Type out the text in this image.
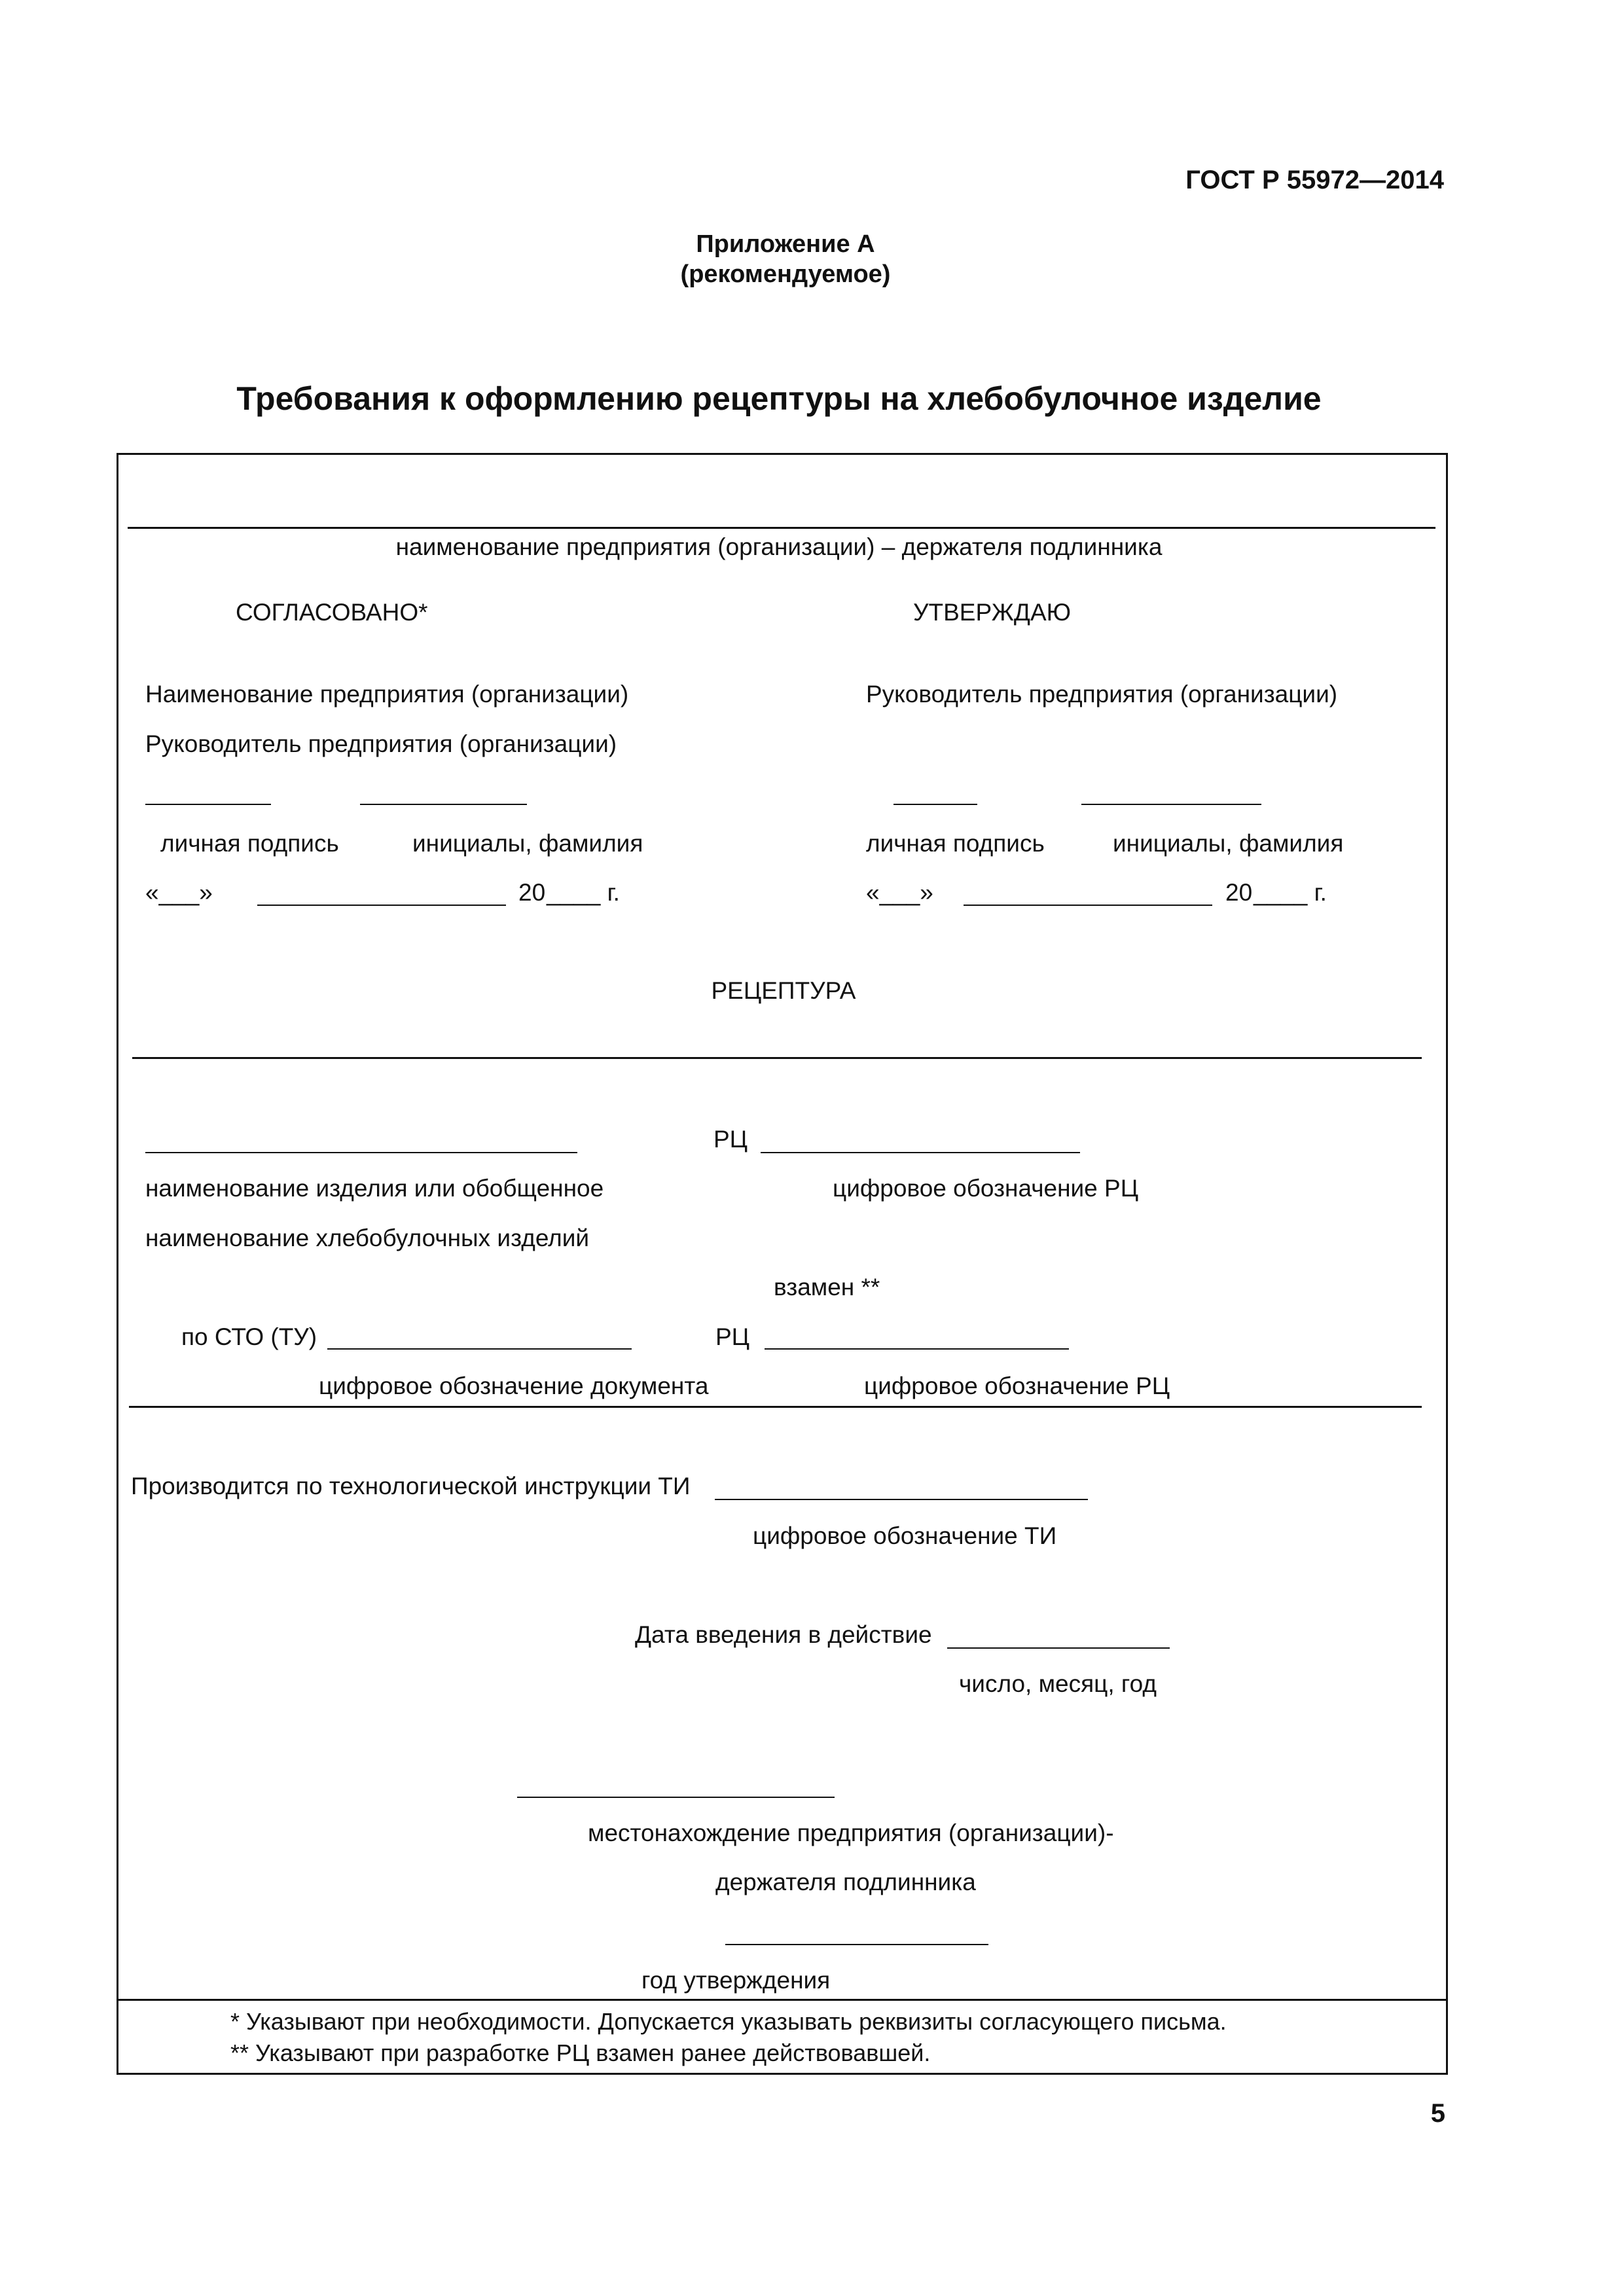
ГОСТ Р 55972—2014
Приложение А
(рекомендуемое)
Требования к оформлению рецептуры на хлебобулочное изделие
наименование предприятия (организации) – держателя подлинника
СОГЛАСОВАНО*
Наименование предприятия (организации)
Руководитель предприятия (организации)
личная подпись	инициалы, фамилия
«___»	20 ____ г.
УТВЕРЖДАЮ
Руководитель предприятия (организации)
личная подпись	инициалы, фамилия
«___»	20 ____ г.
РЕЦЕПТУРА
РЦ
наименование изделия или обобщенное	цифровое обозначение РЦ
наименование хлебобулочных изделий
взамен **
по СТО (ТУ)	РЦ
цифровое обозначение документа	цифровое обозначение РЦ
Производится по технологической инструкции ТИ
цифровое обозначение ТИ
Дата введения в действие
число, месяц, год
местонахождение предприятия (организации)-
держателя подлинника
год утверждения
* Указывают при необходимости. Допускается указывать реквизиты согласующего письма.
** Указывают при разработке РЦ взамен ранее действовавшей.
5
